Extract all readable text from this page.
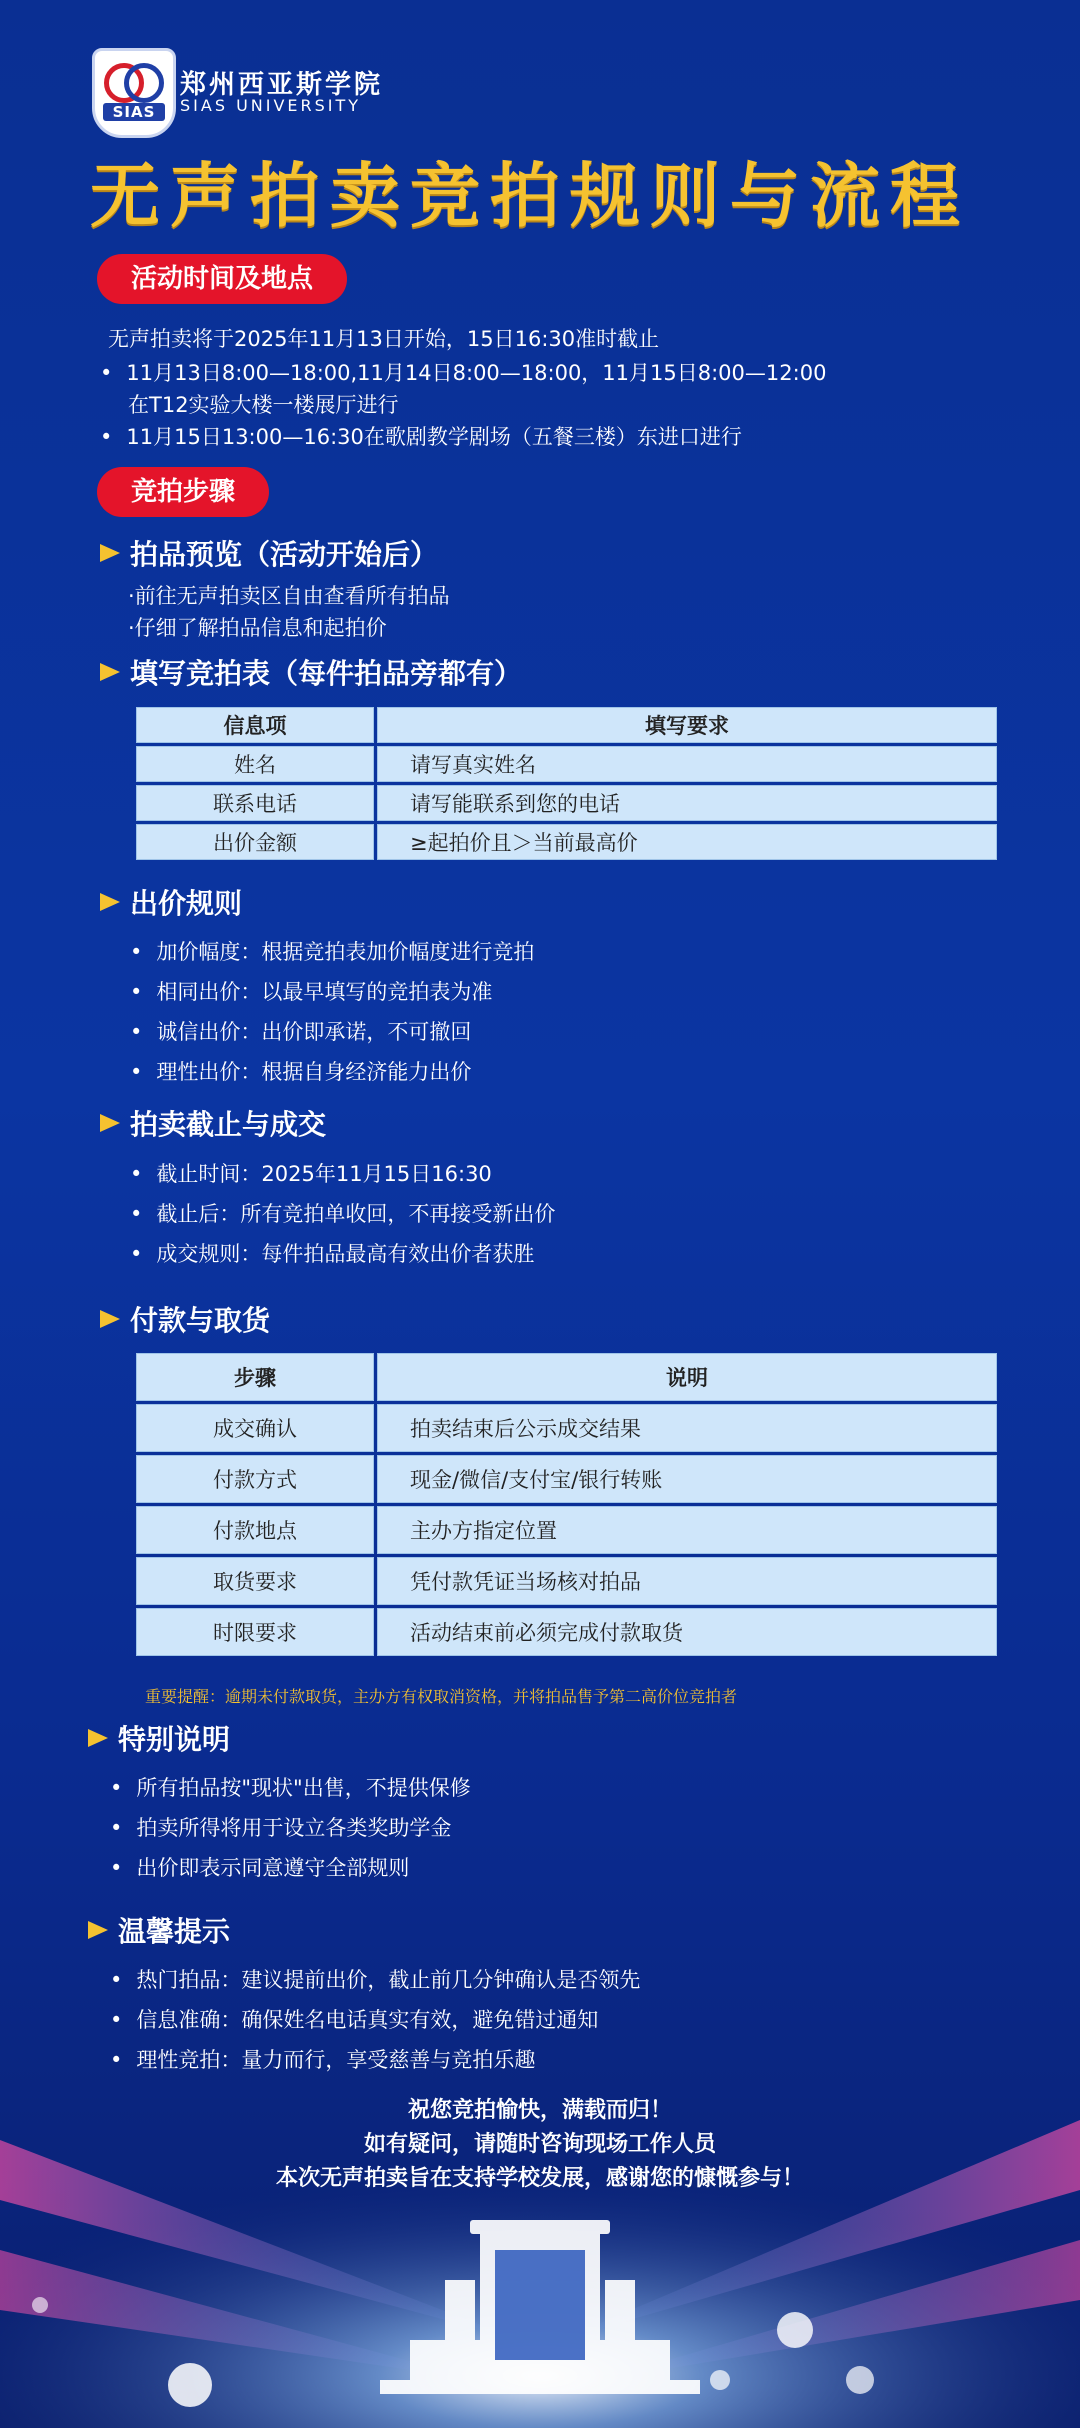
SIAS
郑州西亚斯学院
SIAS UNIVERSITY
无声拍卖竞拍规则与流程
活动时间及地点
无声拍卖将于2025年11月13日开始，15日16:30准时截止
• 11月13日8:00—18:00,11月14日8:00—18:00，11月15日8:00—12:00
在T12实验大楼一楼展厅进行
• 11月15日13:00—16:30在歌剧教学剧场（五餐三楼）东进口进行
竞拍步骤
拍品预览（活动开始后）
·前往无声拍卖区自由查看所有拍品
·仔细了解拍品信息和起拍价
填写竞拍表（每件拍品旁都有）
信息项	填写要求
姓名	请写真实姓名
联系电话	请写能联系到您的电话
出价金额	≥起拍价且＞当前最高价
出价规则
• 加价幅度：根据竞拍表加价幅度进行竞拍
• 相同出价：以最早填写的竞拍表为准
• 诚信出价：出价即承诺，不可撤回
• 理性出价：根据自身经济能力出价
拍卖截止与成交
• 截止时间：2025年11月15日16:30
• 截止后：所有竞拍单收回，不再接受新出价
• 成交规则：每件拍品最高有效出价者获胜
付款与取货
步骤	说明
成交确认	拍卖结束后公示成交结果
付款方式	现金/微信/支付宝/银行转账
付款地点	主办方指定位置
取货要求	凭付款凭证当场核对拍品
时限要求	活动结束前必须完成付款取货
重要提醒：逾期未付款取货，主办方有权取消资格，并将拍品售予第二高价位竞拍者
特别说明
• 所有拍品按"现状"出售，不提供保修
• 拍卖所得将用于设立各类奖助学金
• 出价即表示同意遵守全部规则
温馨提示
• 热门拍品：建议提前出价，截止前几分钟确认是否领先
• 信息准确：确保姓名电话真实有效，避免错过通知
• 理性竞拍：量力而行，享受慈善与竞拍乐趣
祝您竞拍愉快，满载而归！
如有疑问，请随时咨询现场工作人员
本次无声拍卖旨在支持学校发展，感谢您的慷慨参与！
